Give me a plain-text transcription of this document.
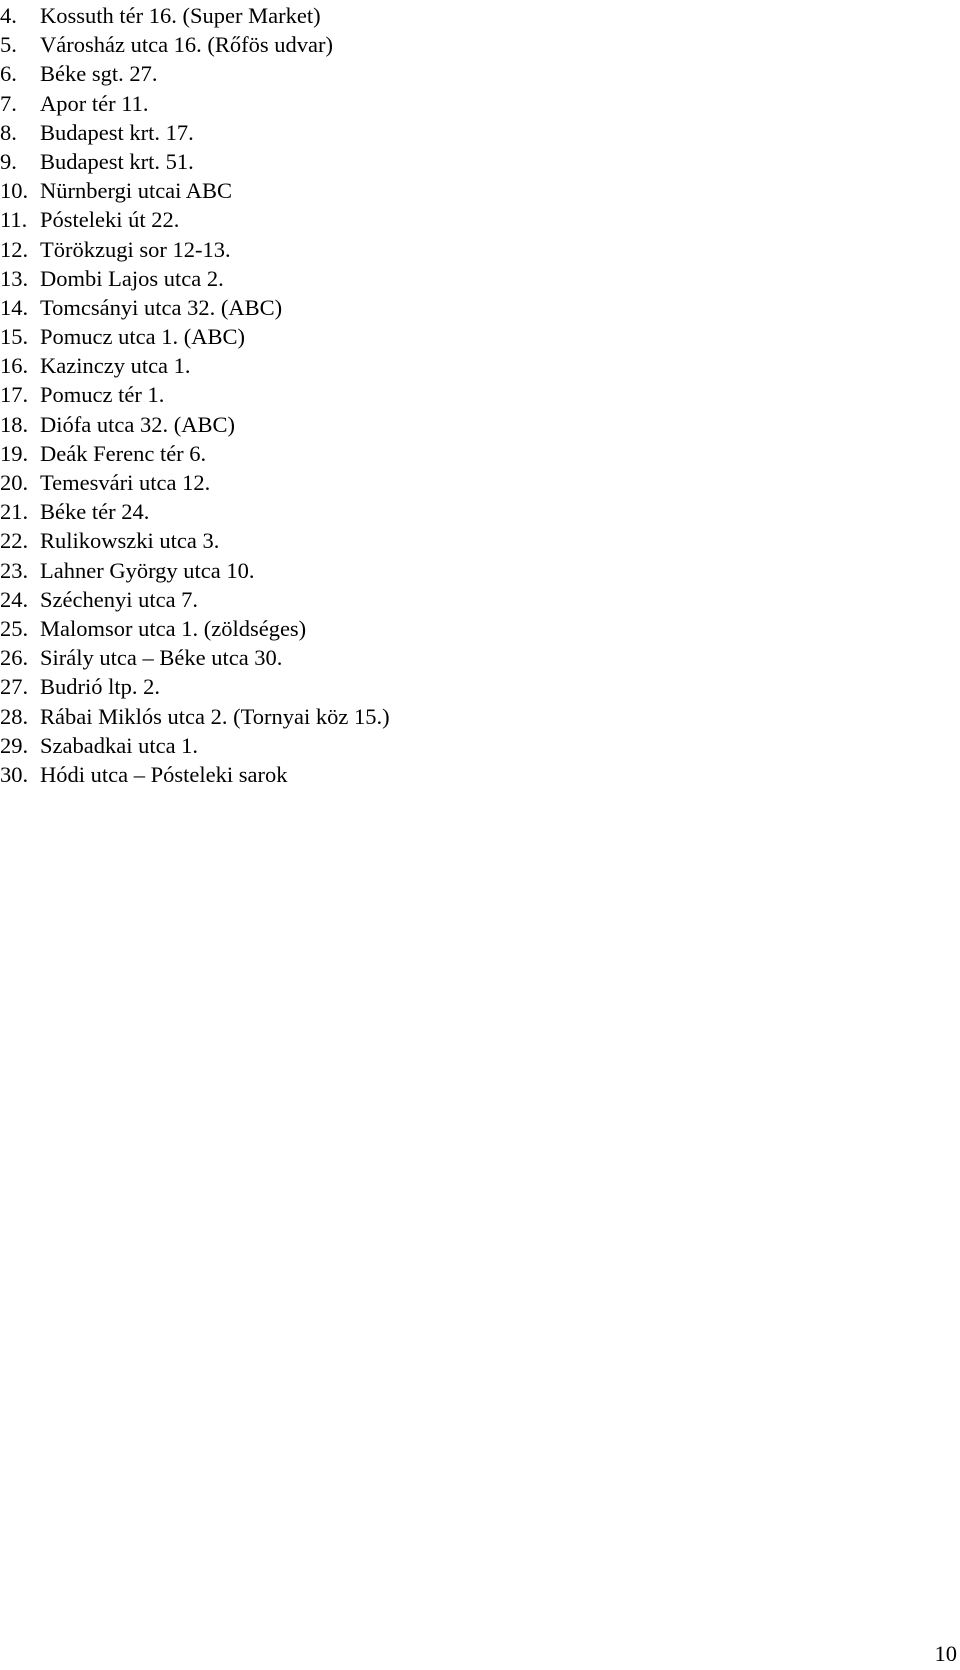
4.	Kossuth tér 16. (Super Market)
5.	Városház utca 16. (Rőfös udvar)
6.	Béke sgt. 27.
7.	Apor tér 11.
8.	Budapest krt. 17.
9.	Budapest krt. 51.
10. Nürnbergi utcai ABC
11. Pósteleki út 22.
12. Törökzugi sor 12-13.
13. Dombi Lajos utca 2.
14. Tomcsányi utca 32. (ABC)
15. Pomucz utca 1. (ABC)
16. Kazinczy utca 1.
17. Pomucz tér 1.
18. Diófa utca 32. (ABC)
19. Deák Ferenc tér 6.
20. Temesvári utca 12.
21. Béke tér 24.
22. Rulikowszki utca 3.
23. Lahner György utca 10.
24. Széchenyi utca 7.
25. Malomsor utca 1. (zöldséges)
26. Sirály utca – Béke utca 30.
27. Budrió ltp. 2.
28. Rábai Miklós utca 2. (Tornyai köz 15.)
29. Szabadkai utca 1.
30. Hódi utca – Pósteleki sarok
10
